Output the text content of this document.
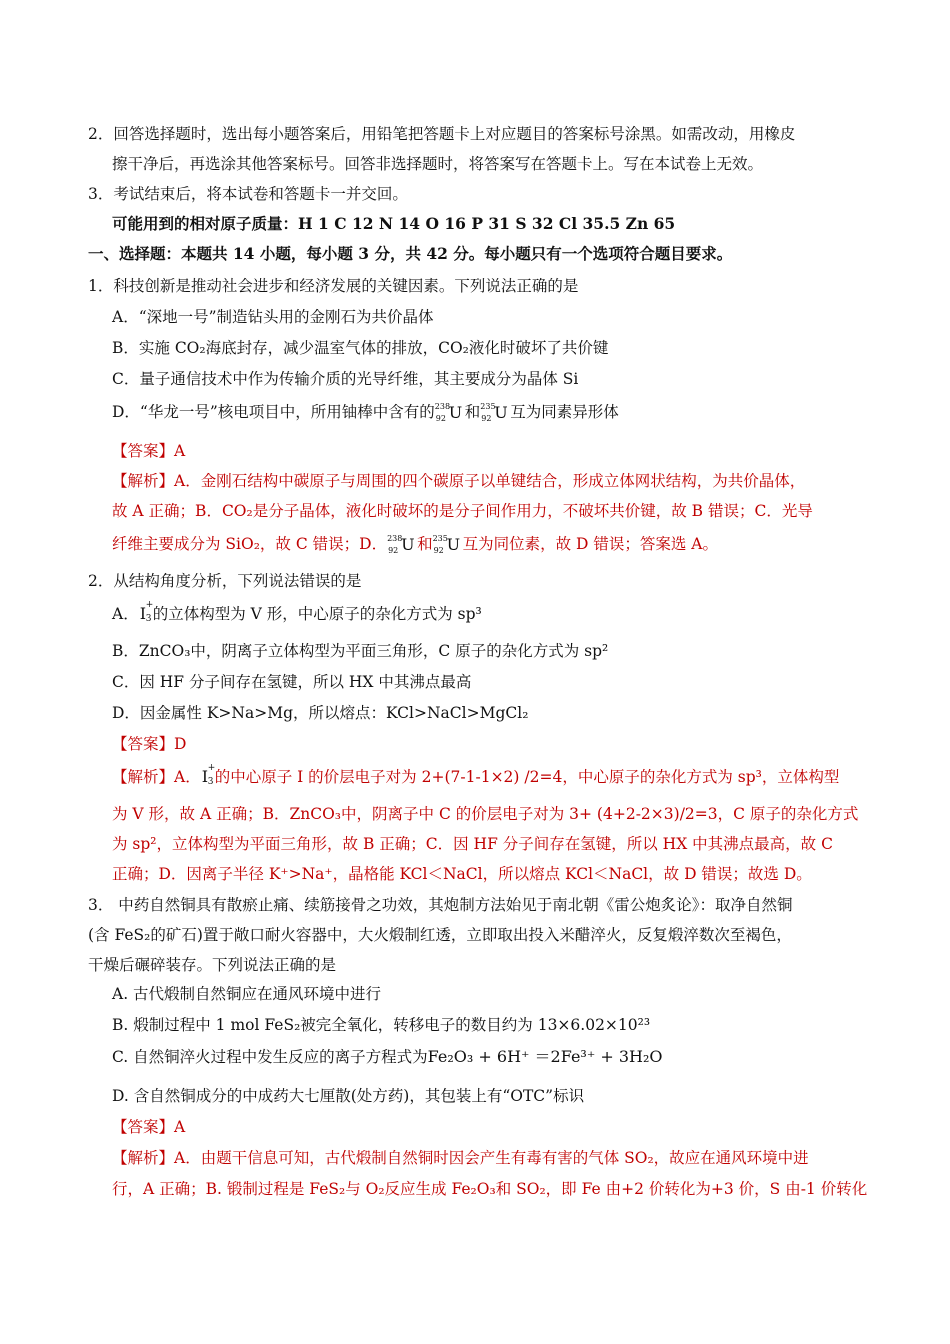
2．回答选择题时，选出每小题答案后，用铅笔把答题卡上对应题目的答案标号涂黑。如需改动，用橡皮
擦干净后，再选涂其他答案标号。回答非选择题时，将答案写在答题卡上。写在本试卷上无效。
3．考试结束后，将本试卷和答题卡一并交回。
可能用到的相对原子质量：H 1 C 12 N 14 O 16 P 31 S 32 Cl 35.5 Zn 65
一、选择题：本题共 14 小题，每小题 3 分，共 42 分。每小题只有一个选项符合题目要求。
1．科技创新是推动社会进步和经济发展的关键因素。下列说法正确的是
A．“深地一号”制造钻头用的金刚石为共价晶体
B．实施 CO₂海底封存，减少温室气体的排放，CO₂液化时破坏了共价键
C．量子通信技术中作为传输介质的光导纤维，其主要成分为晶体 Si
D．“华龙一号”核电项目中，所用铀棒中含有的 238
92 U 和 235
92 U 互为同素异形体
【答案】A
【解析】A．金刚石结构中碳原子与周围的四个碳原子以单键结合，形成立体网状结构，为共价晶体，
故 A 正确；B．CO₂是分子晶体，液化时破坏的是分子间作用力，不破坏共价键，故 B 错误；C．光导
纤维主要成分为 SiO₂，故 C 错误；D． 238
92 U 和 235
92 U 互为同位素，故 D 错误；答案选 A。
2．从结构角度分析，下列说法错误的是
A． I +
3 的立体构型为 V 形，中心原子的杂化方式为 sp³
B．ZnCO₃中，阴离子立体构型为平面三角形，C 原子的杂化方式为 sp²
C．因 HF 分子间存在氢键，所以 HX 中其沸点最高
D．因金属性 K>Na>Mg，所以熔点：KCl>NaCl>MgCl₂
【答案】D
【解析】A． I +
3 的中心原子 I 的价层电子对为 2+(7-1-1×2) /2=4，中心原子的杂化方式为 sp³，立体构型
为 V 形，故 A 正确；B．ZnCO₃中，阴离子中 C 的价层电子对为 3+ (4+2-2×3)/2=3，C 原子的杂化方式
为 sp²，立体构型为平面三角形，故 B 正确；C．因 HF 分子间存在氢键，所以 HX 中其沸点最高，故 C
正确；D．因离子半径 K⁺>Na⁺，晶格能 KCl＜NaCl，所以熔点 KCl＜NaCl，故 D 错误；故选 D。
3． 中药自然铜具有散瘀止痛、续筋接骨之功效，其炮制方法始见于南北朝《雷公炮炙论》：取净自然铜
(含 FeS₂的矿石)置于敞口耐火容器中，大火煅制红透，立即取出投入米醋淬火，反复煅淬数次至褐色，
干燥后碾碎装存。下列说法正确的是
A. 古代煅制自然铜应在通风环境中进行
B. 煅制过程中 1 mol FeS₂被完全氧化，转移电子的数目约为 13×6.02×10²³
C. 自然铜淬火过程中发生反应的离子方程式为Fe₂O₃ + 6H⁺ ＝2Fe³⁺ + 3H₂O
D. 含自然铜成分的中成药大七厘散(处方药)，其包装上有“OTC”标识
【答案】A
【解析】A．由题干信息可知，古代煅制自然铜时因会产生有毒有害的气体 SO₂，故应在通风环境中进
行，A 正确；B. 锻制过程是 FeS₂与 O₂反应生成 Fe₂O₃和 SO₂，即 Fe 由+2 价转化为+3 价，S 由-1 价转化
